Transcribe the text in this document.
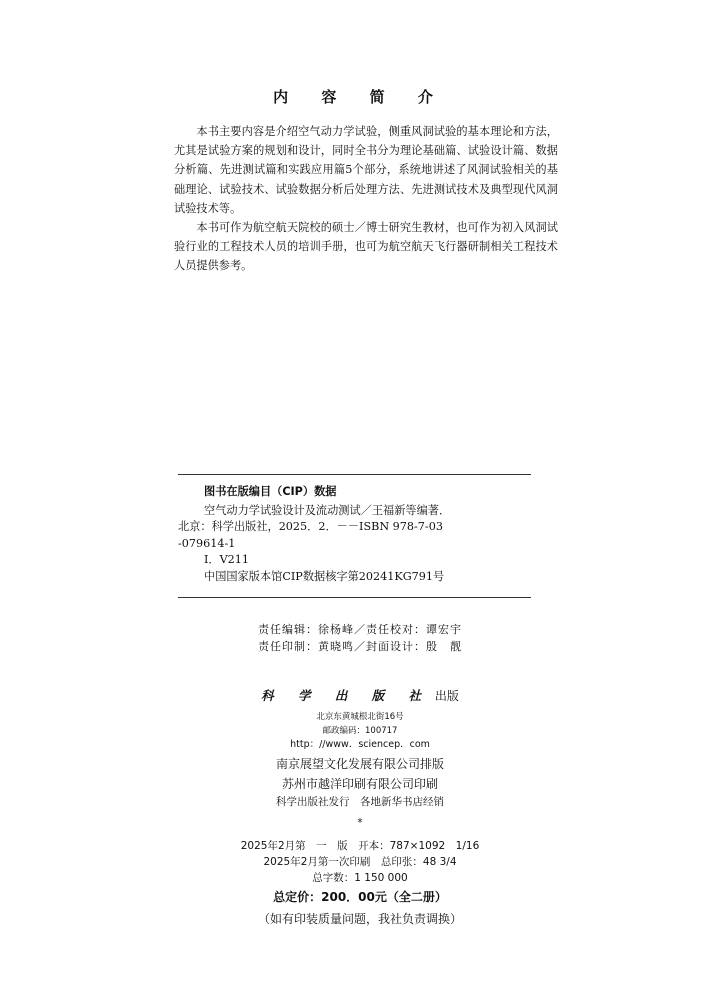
内 容 简 介

本书主要内容是介绍空气动力学试验，侧重风洞试验的基本理论和方法，尤其是试验方案的规划和设计，同时全书分为理论基础篇、试验设计篇、数据分析篇、先进测试篇和实践应用篇5个部分，系统地讲述了风洞试验相关的基础理论、试验技术、试验数据分析后处理方法、先进测试技术及典型现代风洞试验技术等。

本书可作为航空航天院校的硕士／博士研究生教材，也可作为初入风洞试验行业的工程技术人员的培训手册，也可为航空航天飞行器研制相关工程技术人员提供参考。

图书在版编目（CIP）数据
空气动力学试验设计及流动测试／王福新等编著．
北京：科学出版社，2025．2．－－ISBN 978-7-03
-079614-1
Ⅰ．V211
中国国家版本馆CIP数据核字第20241KG791号
责任编辑：徐杨峰／责任校对：谭宏宇
责任印制：黄晓鸣／封面设计：殷　靓
科 学 出 版 社 出版
北京东黄城根北街16号
邮政编码：100717
http：//www．sciencep．com
南京展望文化发展有限公司排版
苏州市越洋印刷有限公司印刷
科学出版社发行　各地新华书店经销
*
2025年2月第　一　版　开本：787×1092　1/16
2025年2月第一次印刷　总印张：48 3/4
总字数：1 150 000
总定价：200．00元（全二册）
（如有印装质量问题，我社负责调换）
